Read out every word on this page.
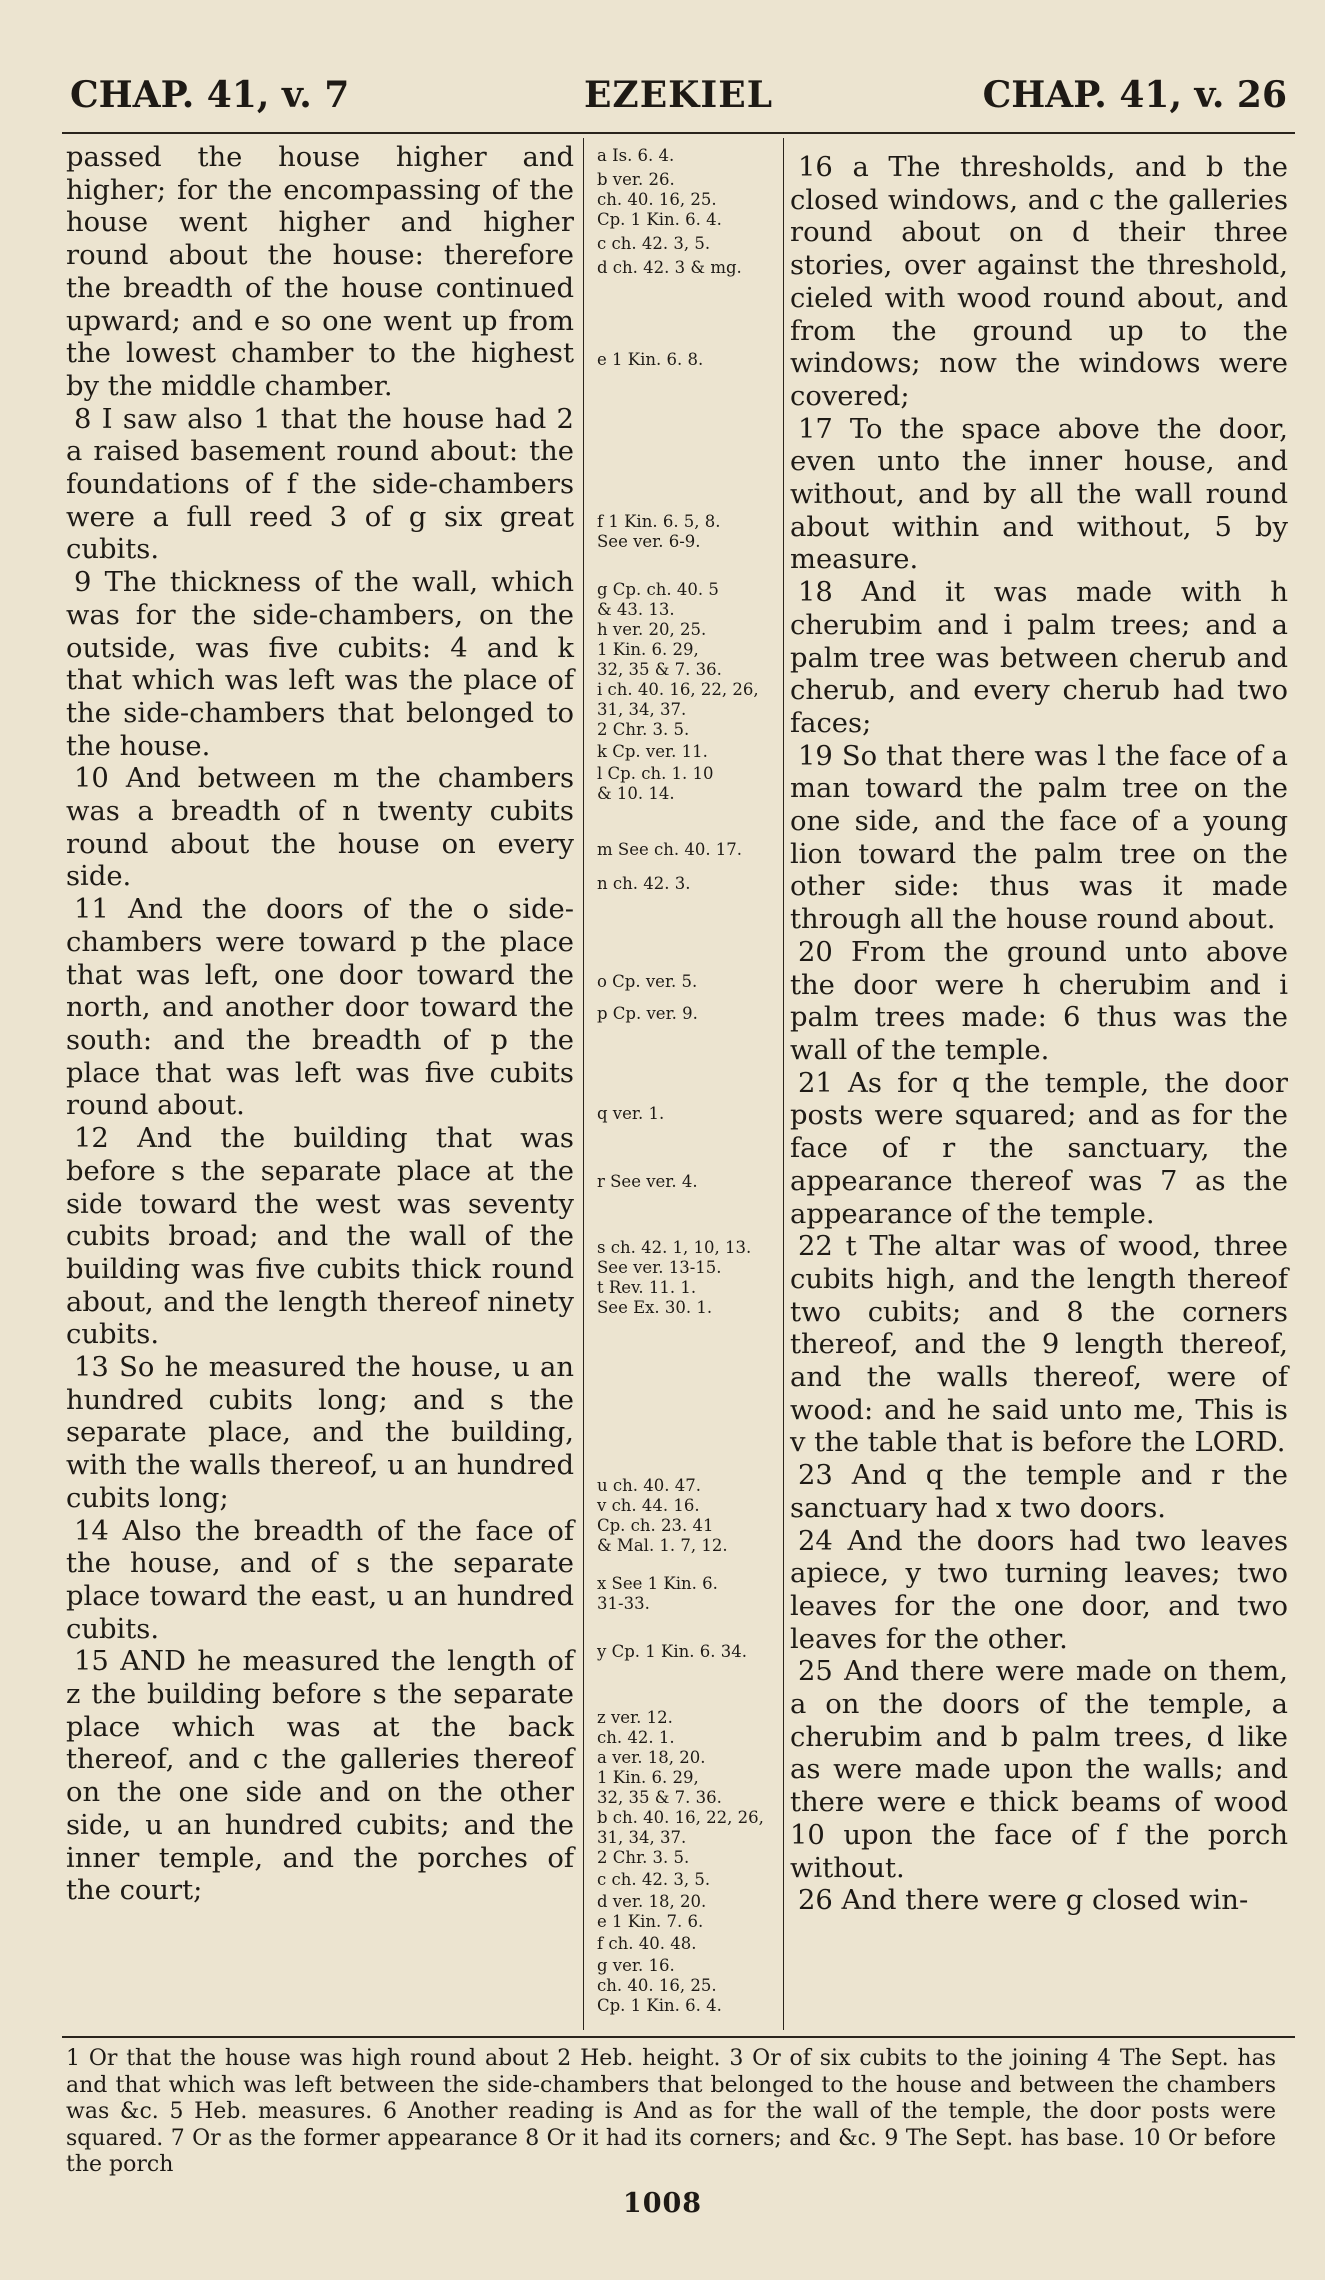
CHAP. 41, v. 7	EZEKIEL	CHAP. 41, v. 26

passed the house higher and higher; for the encompassing of the house went higher and higher round about the house: therefore the breadth of the house continued upward; and e so one went up from the lowest chamber to the highest by the middle chamber.

8 I saw also 1 that the house had 2 a raised basement round about: the foundations of f the side-chambers were a full reed 3 of g six great cubits.

9 The thickness of the wall, which was for the side-chambers, on the outside, was five cubits: 4 and k that which was left was the place of the side-chambers that belonged to the house.

10 And between m the chambers was a breadth of n twenty cubits round about the house on every side.

11 And the doors of the o side-chambers were toward p the place that was left, one door toward the north, and another door toward the south: and the breadth of p the place that was left was five cubits round about.

12 And the building that was before s the separate place at the side toward the west was seventy cubits broad; and the wall of the building was five cubits thick round about, and the length thereof ninety cubits.

13 So he measured the house, u an hundred cubits long; and s the separate place, and the building, with the walls thereof, u an hundred cubits long;

14 Also the breadth of the face of the house, and of s the separate place toward the east, u an hundred cubits.

15 AND he measured the length of z the building before s the separate place which was at the back thereof, and c the galleries thereof on the one side and on the other side, u an hundred cubits; and the inner temple, and the porches of the court;

a Is. 6. 4.
b ver. 26.
ch. 40. 16, 25.
Cp. 1 Kin. 6. 4.
c ch. 42. 3, 5.
d ch. 42. 3 & mg.
e 1 Kin. 6. 8.
f 1 Kin. 6. 5, 8.
See ver. 6-9.
g Cp. ch. 40. 5
& 43. 13.
h ver. 20, 25.
1 Kin. 6. 29,
32, 35 & 7. 36.
i ch. 40. 16, 22, 26,
31, 34, 37.
2 Chr. 3. 5.
k Cp. ver. 11.
l Cp. ch. 1. 10
& 10. 14.
m See ch. 40. 17.
n ch. 42. 3.
o Cp. ver. 5.
p Cp. ver. 9.
q ver. 1.
r See ver. 4.
s ch. 42. 1, 10, 13.
See ver. 13-15.
t Rev. 11. 1.
See Ex. 30. 1.
u ch. 40. 47.
v ch. 44. 16.
Cp. ch. 23. 41
& Mal. 1. 7, 12.
x See 1 Kin. 6.
31-33.
y Cp. 1 Kin. 6. 34.
z ver. 12.
ch. 42. 1.
a ver. 18, 20.
1 Kin. 6. 29,
32, 35 & 7. 36.
b ch. 40. 16, 22, 26,
31, 34, 37.
2 Chr. 3. 5.
c ch. 42. 3, 5.
d ver. 18, 20.
e 1 Kin. 7. 6.
f ch. 40. 48.
g ver. 16.
ch. 40. 16, 25.
Cp. 1 Kin. 6. 4.

16 a The thresholds, and b the closed windows, and c the galleries round about on d their three stories, over against the threshold, cieled with wood round about, and from the ground up to the windows; now the windows were covered;

17 To the space above the door, even unto the inner house, and without, and by all the wall round about within and without, 5 by measure.

18 And it was made with h cherubim and i palm trees; and a palm tree was between cherub and cherub, and every cherub had two faces;

19 So that there was l the face of a man toward the palm tree on the one side, and the face of a young lion toward the palm tree on the other side: thus was it made through all the house round about.

20 From the ground unto above the door were h cherubim and i palm trees made: 6 thus was the wall of the temple.

21 As for q the temple, the door posts were squared; and as for the face of r the sanctuary, the appearance thereof was 7 as the appearance of the temple.

22 t The altar was of wood, three cubits high, and the length thereof two cubits; and 8 the corners thereof, and the 9 length thereof, and the walls thereof, were of wood: and he said unto me, This is v the table that is before the LORD.

23 And q the temple and r the sanctuary had x two doors.

24 And the doors had two leaves apiece, y two turning leaves; two leaves for the one door, and two leaves for the other.

25 And there were made on them, a on the doors of the temple, a cherubim and b palm trees, d like as were made upon the walls; and there were e thick beams of wood 10 upon the face of f the porch without.

26 And there were g closed win-

1 Or that the house was high round about 2 Heb. height. 3 Or of six cubits to the joining 4 The Sept. has and that which was left between the side-chambers that belonged to the house and between the chambers was &c. 5 Heb. measures. 6 Another reading is And as for the wall of the temple, the door posts were squared. 7 Or as the former appearance 8 Or it had its corners; and &c. 9 The Sept. has base. 10 Or before the porch
1008
